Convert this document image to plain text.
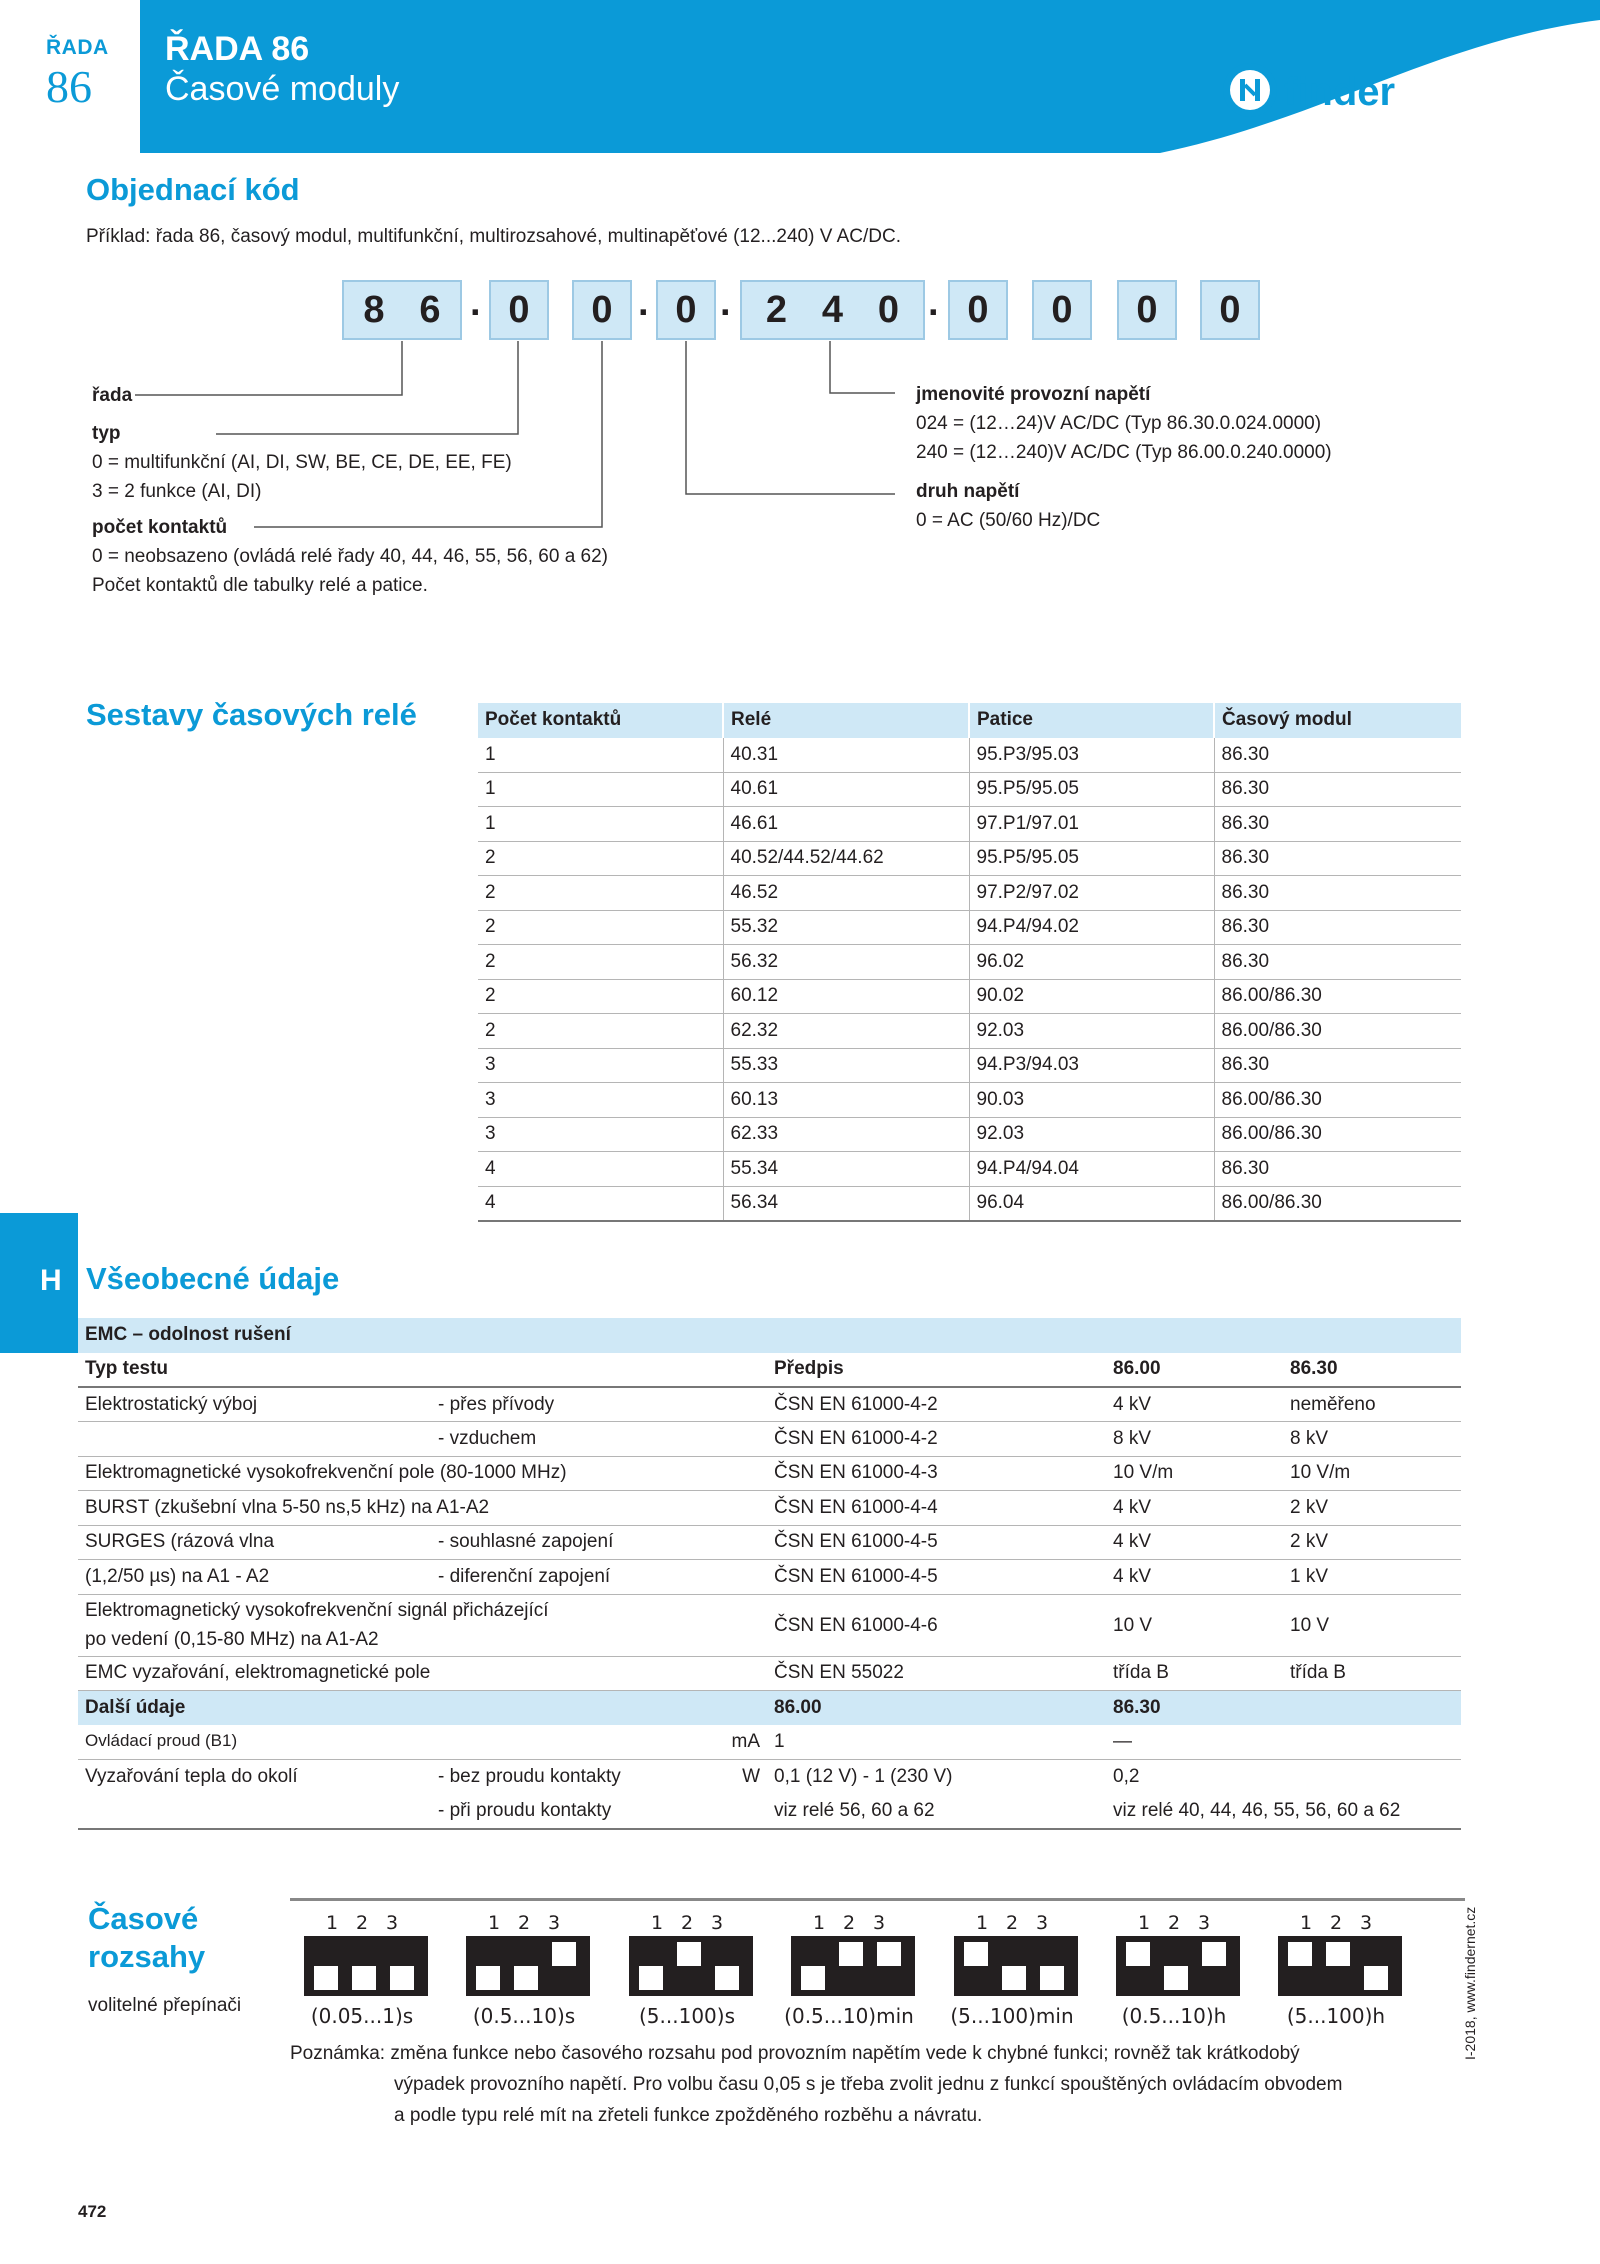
ŘADA
86
ŘADA 86
Časové moduly	finder
Objednací kód
Příklad: řada 86, časový modul, multifunkční, multirozsahové, multinapěťové (12...240) V AC/DC.
8 6 . 0	0 . 0 . 2 4 0 . 0	0	0	0
řada
typ
0 = multifunkční (AI, DI, SW, BE, CE, DE, EE, FE)
3 = 2 funkce (AI, DI)
počet kontaktů
0 = neobsazeno (ovládá relé řady 40, 44, 46, 55, 56, 60 a 62)
Počet kontaktů dle tabulky relé a patice.
jmenovité provozní napětí
024 = (12…24)V AC/DC (Typ 86.30.0.024.0000)
240 = (12…240)V AC/DC (Typ 86.00.0.240.0000)
druh napětí
0 = AC (50/60 Hz)/DC
Sestavy časových relé	Počet kontaktů	Relé	Patice	Časový modul
1	40.31	95.P3/95.03	86.30
1	40.61	95.P5/95.05	86.30
1	46.61	97.P1/97.01	86.30
2	40.52/44.52/44.62	95.P5/95.05	86.30
2	46.52	97.P2/97.02	86.30
2	55.32	94.P4/94.02	86.30
2	56.32	96.02	86.30
2	60.12	90.02	86.00/86.30
2	62.32	92.03	86.00/86.30
3	55.33	94.P3/94.03	86.30
3	60.13	90.03	86.00/86.30
3	62.33	92.03	86.00/86.30
4	55.34	94.P4/94.04	86.30
4	56.34	96.04	86.00/86.30
H Všeobecné údaje
EMC – odolnost rušení				
Typ testu		Předpis	86.00	86.30
Elektrostatický výboj	- přes přívody	ČSN EN 61000-4-2	4 kV	neměřeno
	- vzduchem	ČSN EN 61000-4-2	8 kV	8 kV
Elektromagnetické vysokofrekvenční pole (80-1000 MHz)		ČSN EN 61000-4-3	10 V/m	10 V/m
BURST (zkušební vlna 5-50 ns,5 kHz) na A1-A2		ČSN EN 61000-4-4	4 kV	2 kV
SURGES (rázová vlna	- souhlasné zapojení	ČSN EN 61000-4-5	4 kV	2 kV
(1,2/50 µs) na A1 - A2	- diferenční zapojení	ČSN EN 61000-4-5	4 kV	1 kV
Elektromagnetický vysokofrekvenční signál přicházející
po vedení (0,15-80 MHz) na A1-A2		ČSN EN 61000-4-6	10 V	10 V
EMC vyzařování, elektromagnetické pole		ČSN EN 55022	třída B	třída B
Další údaje		86.00	86.30	
Ovládací proud (B1) mA		1	—	
Vyzařování tepla do okolí	- bez proudu kontakty W	0,1 (12 V) - 1 (230 V)	0,2	
	- při proudu kontakty	viz relé 56, 60 a 62	viz relé 40, 44, 46, 55, 56, 60 a 62	
Časové
rozsahy
volitelné přepínači
1 2 3
(0.05...1)s
1 2 3
(0.5...10)s
1 2 3
(5...100)s
1 2 3
(0.5...10)min
1 2 3
(5...100)min
1 2 3
(0.5...10)h
1 2 3
(5...100)h
Poznámka: změna funkce nebo časového rozsahu pod provozním napětím vede k chybné funkci; rovněž tak krátkodobý
výpadek provozního napětí. Pro volbu času 0,05 s je třeba zvolit jednu z funkcí spouštěných ovládacím obvodem
a podle typu relé mít na zřeteli funkce zpožděného rozběhu a návratu.
I-2018, www.findernet.cz
472
